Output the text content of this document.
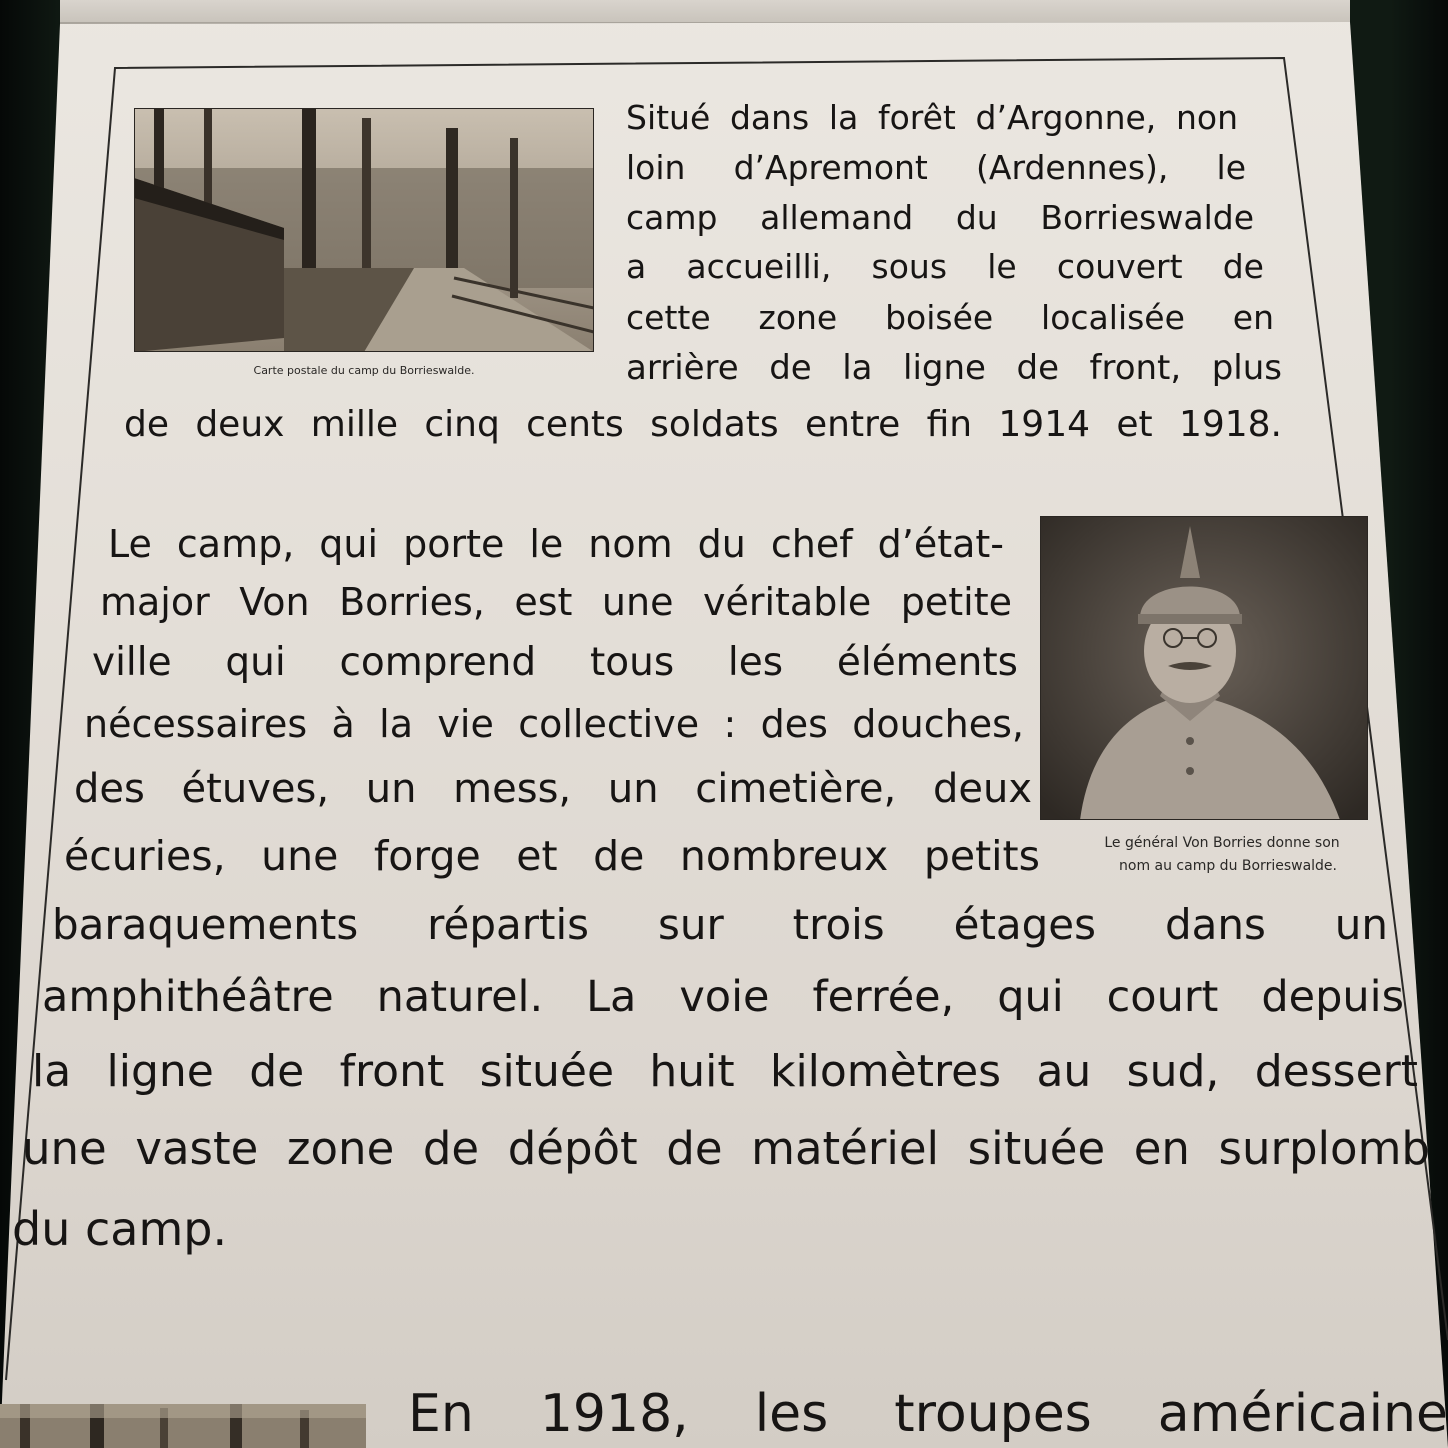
Carte postale du camp du Borrieswalde.
Situé dans la forêt d’Argonne, non
loin d’Apremont (Ardennes), le
camp allemand du Borrieswalde
a accueilli, sous le couvert de
cette zone boisée localisée en
arrière de la ligne de front, plus
de deux mille cinq cents soldats entre fin 1914 et 1918.
Le général Von Borries donne son
nom au camp du Borrieswalde.
Le camp, qui porte le nom du chef d’état-
major Von Borries, est une véritable petite
ville qui comprend tous les éléments
nécessaires à la vie collective : des douches,
des étuves, un mess, un cimetière, deux
écuries, une forge et de nombreux petits
baraquements répartis sur trois étages dans un
amphithéâtre naturel. La voie ferrée, qui court depuis
la ligne de front située huit kilomètres au sud, dessert
une vaste zone de dépôt de matériel située en surplomb
du camp.
En 1918, les troupes américaine
